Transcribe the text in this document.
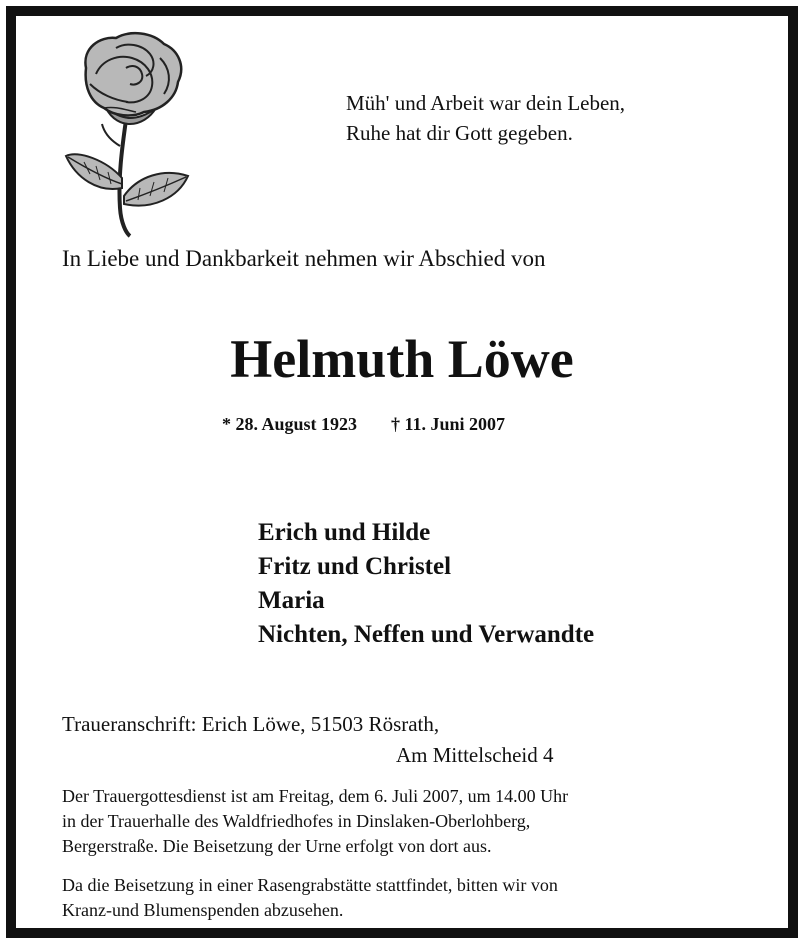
Müh' und Arbeit war dein Leben,
Ruhe hat dir Gott gegeben.
In Liebe und Dankbarkeit nehmen wir Abschied von
Helmuth Löwe
* 28. August 1923 † 11. Juni 2007
Erich und Hilde
Fritz und Christel
Maria
Nichten, Neffen und Verwandte
Traueranschrift: Erich Löwe, 51503 Rösrath,
Am Mittelscheid 4
Der Trauergottesdienst ist am Freitag, dem 6. Juli 2007, um 14.00 Uhr
in der Trauerhalle des Waldfriedhofes in Dinslaken-Oberlohberg,
Bergerstraße. Die Beisetzung der Urne erfolgt von dort aus.
Da die Beisetzung in einer Rasengrabstätte stattfindet, bitten wir von
Kranz-und Blumenspenden abzusehen.
